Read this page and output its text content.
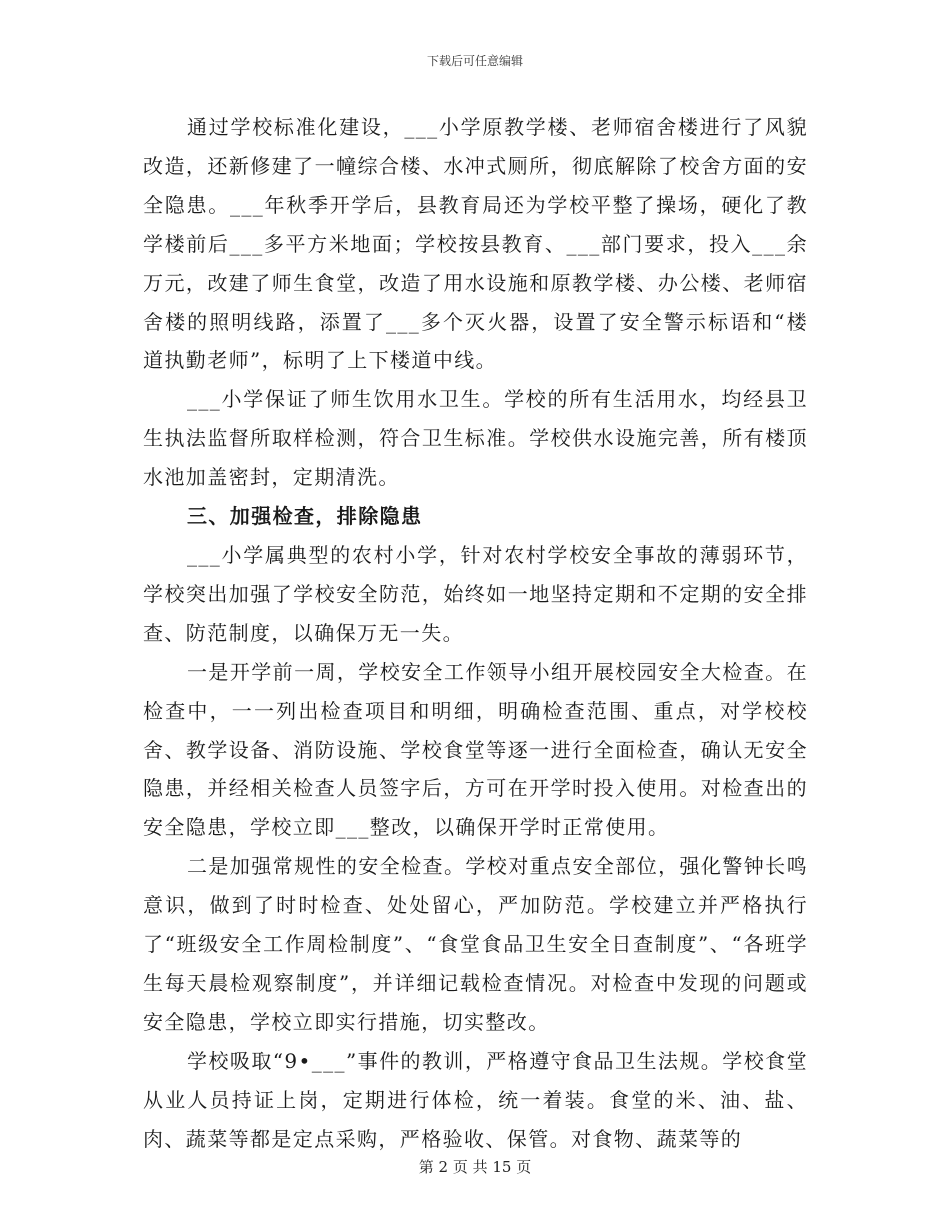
下载后可任意编辑

通过学校标准化建设，___小学原教学楼、老师宿舍楼进行了风貌改造，还新修建了一幢综合楼、水冲式厕所，彻底解除了校舍方面的安全隐患。___年秋季开学后，县教育局还为学校平整了操场，硬化了教学楼前后___多平方米地面；学校按县教育、___部门要求，投入___余万元，改建了师生食堂，改造了用水设施和原教学楼、办公楼、老师宿舍楼的照明线路，添置了___多个灭火器，设置了安全警示标语和“楼道执勤老师”，标明了上下楼道中线。

___小学保证了师生饮用水卫生。学校的所有生活用水，均经县卫生执法监督所取样检测，符合卫生标准。学校供水设施完善，所有楼顶水池加盖密封，定期清洗。

三、加强检查，排除隐患

___小学属典型的农村小学，针对农村学校安全事故的薄弱环节，学校突出加强了学校安全防范，始终如一地坚持定期和不定期的安全排查、防范制度，以确保万无一失。

一是开学前一周，学校安全工作领导小组开展校园安全大检查。在检查中，一一列出检查项目和明细，明确检查范围、重点，对学校校舍、教学设备、消防设施、学校食堂等逐一进行全面检查，确认无安全隐患，并经相关检查人员签字后，方可在开学时投入使用。对检查出的安全隐患，学校立即___整改，以确保开学时正常使用。

二是加强常规性的安全检查。学校对重点安全部位，强化警钟长鸣意识，做到了时时检查、处处留心，严加防范。学校建立并严格执行了“班级安全工作周检制度”、“食堂食品卫生安全日查制度”、“各班学生每天晨检观察制度”，并详细记载检查情况。对检查中发现的问题或安全隐患，学校立即实行措施，切实整改。

学校吸取“9•___”事件的教训，严格遵守食品卫生法规。学校食堂从业人员持证上岗，定期进行体检，统一着装。食堂的米、油、盐、肉、蔬菜等都是定点采购，严格验收、保管。对食物、蔬菜等的

第 2 页 共 15 页
